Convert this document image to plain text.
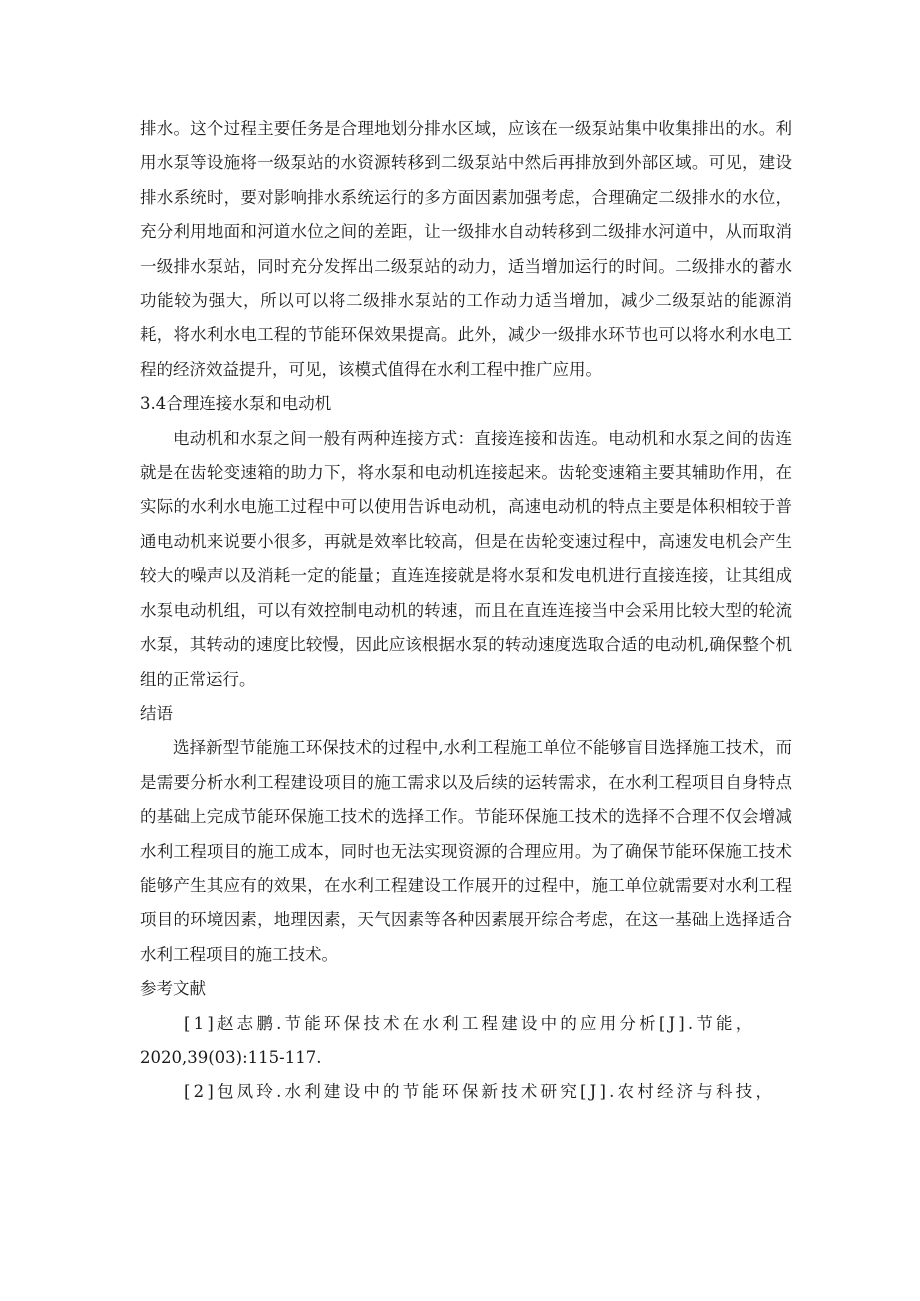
排水。这个过程主要任务是合理地划分排水区域，应该在一级泵站集中收集排出的水。利用水泵等设施将一级泵站的水资源转移到二级泵站中然后再排放到外部区域。可见，建设排水系统时，要对影响排水系统运行的多方面因素加强考虑，合理确定二级排水的水位，充分利用地面和河道水位之间的差距，让一级排水自动转移到二级排水河道中，从而取消一级排水泵站，同时充分发挥出二级泵站的动力，适当增加运行的时间。二级排水的蓄水功能较为强大，所以可以将二级排水泵站的工作动力适当增加，减少二级泵站的能源消耗，将水利水电工程的节能环保效果提高。此外，减少一级排水环节也可以将水利水电工程的经济效益提升，可见，该模式值得在水利工程中推广应用。

3.4合理连接水泵和电动机

电动机和水泵之间一般有两种连接方式：直接连接和齿连。电动机和水泵之间的齿连就是在齿轮变速箱的助力下，将水泵和电动机连接起来。齿轮变速箱主要其辅助作用，在实际的水利水电施工过程中可以使用告诉电动机，高速电动机的特点主要是体积相较于普通电动机来说要小很多，再就是效率比较高，但是在齿轮变速过程中，高速发电机会产生较大的噪声以及消耗一定的能量；直连连接就是将水泵和发电机进行直接连接，让其组成水泵电动机组，可以有效控制电动机的转速，而且在直连连接当中会采用比较大型的轮流水泵，其转动的速度比较慢，因此应该根据水泵的转动速度选取合适的电动机,确保整个机组的正常运行。

结语

选择新型节能施工环保技术的过程中,水利工程施工单位不能够盲目选择施工技术，而是需要分析水利工程建设项目的施工需求以及后续的运转需求，在水利工程项目自身特点的基础上完成节能环保施工技术的选择工作。节能环保施工技术的选择不合理不仅会增减水利工程项目的施工成本，同时也无法实现资源的合理应用。为了确保节能环保施工技术能够产生其应有的效果，在水利工程建设工作展开的过程中，施工单位就需要对水利工程项目的环境因素，地理因素，天气因素等各种因素展开综合考虑，在这一基础上选择适合水利工程项目的施工技术。

参考文献

[1]赵志鹏.节能环保技术在水利工程建设中的应用分析[J].节能，
2020,39(03):115-117.

[2]包凤玲.水利建设中的节能环保新技术研究[J].农村经济与科技，
